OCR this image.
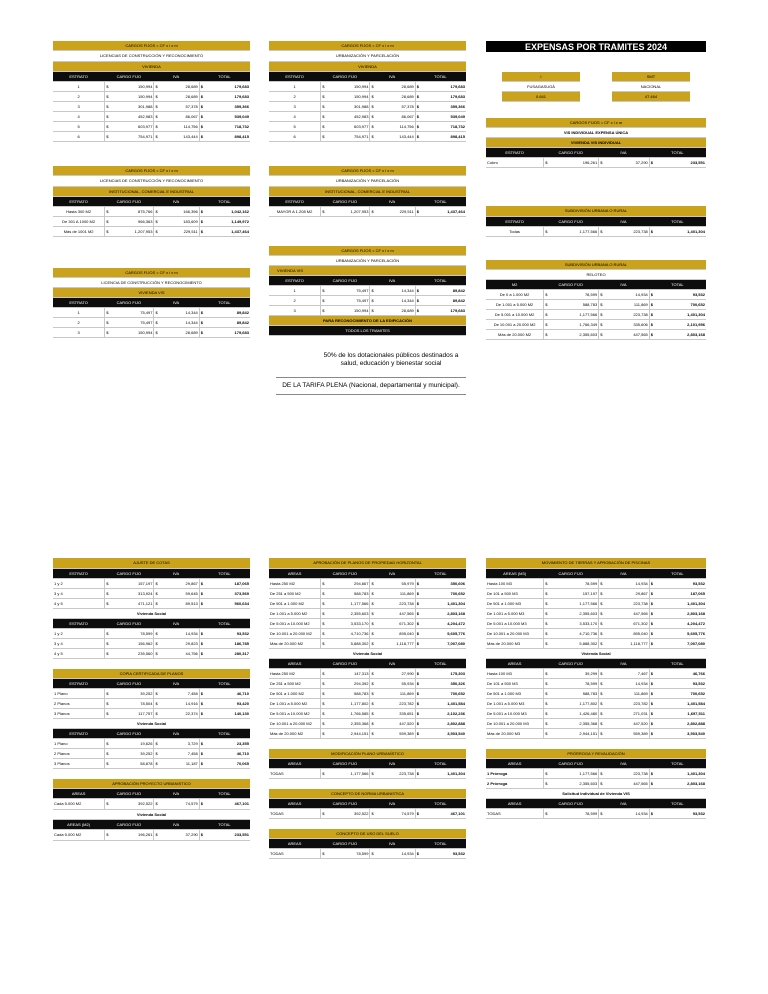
EXPENSAS POR TRAMITES 2024
CARGOS FIJOS = CF x i x m
LICENCIAS DE CONSTRUCCIÓN Y RECONOCIMIENTO
VIVIENDA
ESTRATO	CARGO FIJO	IVA	TOTAL
1	$	150,994 $	28,689 $	179,683
2	$	150,994 $	28,689 $	179,683
3	$	301,988 $	57,378 $	359,366
4	$	452,983 $	86,067 $	539,049
5	$	603,977 $	114,756 $	718,732
6	$	754,971 $	143,444 $	898,415
CARGOS FIJOS = CF x i x m
URBANIZACIÓN Y PARCELACIÓN
VIVIENDA
ESTRATO	CARGO FIJO	IVA	TOTAL
1	$	150,994 $	28,689 $	179,683
2	$	150,994 $	28,689 $	179,683
3	$	301,988 $	57,378 $	359,366
4	$	452,983 $	86,067 $	539,049
5	$	603,977 $	114,756 $	718,732
6	$	754,971 $	143,444 $	898,415
CARGOS FIJOS = CF x i x m
LICENCIAS DE CONSTRUCCIÓN Y RECONOCIMIENTO
INSTITUCIONAL, COMERCIAL E INDUSTRIAL
ESTRATO	CARGO FIJO	IVA	TOTAL
Hasta 300 M2	$	875,766 $	166,396 $	1,042,162
De 301 A 1000 M2	$	966,363 $	183,609 $	1,149,972
Más de 1001 M2	$	1,207,953 $	229,511 $	1,437,464
CARGOS FIJOS = CF x i x m
URBANIZACIÓN Y PARCELACIÓN
INSTITUCIONAL, COMERCIAL E INDUSTRIAL
ESTRATO	CARGO FIJO	IVA	TOTAL
MAYOR A 1.208 M2	$	1,207,953 $	229,511 $	1,437,464
CARGOS FIJOS = CF x i x m
LICENCIA DE CONSTRUCCIÓN Y RECONOCIMIENTO
VIVIENDA VIS
ESTRATO	CARGO FIJO	IVA	TOTAL
1	$	75,497 $	14,344 $	89,842
2	$	75,497 $	14,344 $	89,842
3	$	150,994 $	28,689 $	179,683
CARGOS FIJOS = CF x i x m
URBANIZACIÓN Y PARCELACIÓN
VIVIENDA VIS
ESTRATO	CARGO FIJO	IVA	TOTAL
1	$	75,497 $	14,344 $	89,842
2	$	75,497 $	14,344 $	89,842
3	$	150,994 $	28,689 $	179,683
PARA RECONOCIMIENTO DE LA EDIFICACIÓN
TODOS LOS TRAMITES
SUBDIVISIÓN URBANA O RURAL
ESTRATO	CARGO FIJO	IVA	TOTAL
Todas	$	1,177,566 $	223,738 $	1,401,304
SUBDIVISIÓN URBANA O RURAL
RELOTEO
M2	CARGO FIJO	IVA	TOTAL
De 0 a 1.000 M2	$	78,599 $	14,934 $	93,532
De 1.001 a 5.000 M2	$	588,783 $	111,869 $	700,652
De 5.001 a 10.000 M2	$	1,177,566 $	223,738 $	1,401,304
De 10.001 a 20.000 M2	$	1,766,349 $	335,606 $	2,101,956
Más de 20.000 M2	$	2,355,603 $	447,565 $	2,803,168
AJUSTE DE COTAS
ESTRATO	CARGO FIJO	IVA	TOTAL
1 y 2	$	157,197 $	29,867 $	187,065
3 y 4	$	313,924 $	59,645 $	373,569
4 y 5	$	471,121 $	89,513 $	560,634
Vivienda Social
ESTRATO	CARGO FIJO	IVA	TOTAL
1 y 2	$	78,599 $	14,934 $	93,532
3 y 4	$	156,962 $	29,823 $	186,785
4 y 5	$	235,560 $	44,756 $	280,317
COPIA CERTIFICADA DE PLANOS
ESTRATO	CARGO FIJO	IVA	TOTAL
1 Plano	$	39,252 $	7,458 $	46,710
2 Planos	$	78,504 $	14,916 $	93,420
3 Planos	$	117,757 $	22,374 $	140,130
Vivienda Social
ESTRATO	CARGO FIJO	IVA	TOTAL
1 Plano	$	19,626 $	3,729 $	23,355
2 Planos	$	39,252 $	7,458 $	46,710
3 Planos	$	58,878 $	11,187 $	70,065
APROBACIÓN PROYECTO URBANISTICO
AREAS	CARGO FIJO	IVA	TOTAL
Cada 5.000 M2	$	392,522 $	74,579 $	467,101
Vivienda Social
AREAS (M2)	CARGO FIJO	IVA	TOTAL
Cada 5.000 M2	$	196,261 $	37,290 $	233,551
APROBACIÓN DE PLANOS DE PROPIEDAD HORIZONTAL
AREAS	CARGO FIJO	IVA	TOTAL
Hasta 250 M2	$	294,667 $	55,979 $	350,606
De 251 a 500 M2	$	588,783 $	111,869 $	700,652
De 501 a 1.000 M2	$	1,177,566 $	223,738 $	1,401,304
De 1.001 a 5.000 M2	$	2,355,603 $	447,565 $	2,803,168
De 5.001 a 10.000 M2	$	3,533,170 $	671,302 $	4,204,472
De 10.001 a 20.000 M2	$	4,710,736 $	895,040 $	5,605,776
Más de 20.000 M2	$	5,888,302 $	1,118,777 $	7,007,080
Vivienda Social
AREAS	CARGO FIJO	IVA	TOTAL
Hasta 250 M2	$	147,313 $	27,990 $	175,303
De 251 a 500 M2	$	294,392 $	55,934 $	350,326
De 501 a 1.000 M2	$	588,783 $	111,869 $	700,652
De 1.001 a 5.000 M2	$	1,177,802 $	223,782 $	1,401,584
De 5.001 a 10.000 M2	$	1,766,585 $	335,651 $	2,102,236
De 10.001 a 20.000 M2	$	2,355,368 $	447,520 $	2,802,888
Más de 20.000 M2	$	2,944,151 $	559,389 $	3,503,540
MODIFICACIÓN PLANO URBANÍSTICO
AREAS	CARGO FIJO	IVA	TOTAL
TODAS	$	1,177,566 $	223,738 $	1,401,304
CONCEPTO DE NORMA URBANISTICA
AREAS	CARGO FIJO	IVA	TOTAL
TODAS	$	392,522 $	74,579 $	467,101
CONCEPTO DE USO DEL SUELO
AREAS	CARGO FIJO	IVA	TOTAL
TODAS	$	78,599 $	14,934 $	93,532
MOVIMIENTO DE TIERRAS Y APROBACIÓN DE PISCINAS
AREAS (M3)	CARGO FIJO	IVA	TOTAL
Hasta 100 M3	$	78,599 $	14,934 $	93,532
De 101 a 500 M3	$	157,197 $	29,867 $	187,065
De 501 a 1.000 M3	$	1,177,566 $	223,738 $	1,401,304
De 1.001 a 5.000 M3	$	2,355,603 $	447,565 $	2,803,168
De 5.001 a 10.000 M3	$	3,533,170 $	671,302 $	4,204,472
De 10.001 a 20.000 M3	$	4,710,736 $	895,040 $	5,605,776
Más de 20.000 M3	$	5,888,302 $	1,118,777 $	7,007,080
Vivienda Social
AREAS	CARGO FIJO	IVA	TOTAL
Hasta 100 M3	$	39,299 $	7,467 $	46,766
De 101 a 500 M3	$	78,599 $	14,934 $	93,532
De 501 a 1.000 M3	$	588,783 $	111,869 $	700,652
De 1.001 a 5.000 M3	$	1,177,802 $	223,782 $	1,401,584
De 5.001 a 10.000 M3	$	1,426,480 $	271,031 $	1,697,511
De 10.001 a 20.000 M3	$	2,355,368 $	447,520 $	2,802,888
Más de 20.000 M3	$	2,944,151 $	559,389 $	3,503,540
PRÓRROGA Y REVALIDACIÓN
AREAS	CARGO FIJO	IVA	TOTAL
1 Prórroga	$	1,177,566 $	223,738 $	1,401,304
2 Prórroga	$	2,355,603 $	447,565 $	2,803,168
Solicitud Individual de Vivienda VIS
AREAS	CARGO FIJO	IVA	TOTAL
TODAS	$	78,599 $	14,934 $	93,532
i
FUSAGASUGÁ
0.641
SMT
NACIONAL
47.464
CARGOS FIJOS = CF x i x m
VIS INDIVIDUAL EXPENSA ÚNICA
VIVIENDA VIS INDIVIDUAL
ESTRATO	CARGO FIJO	IVA	TOTAL
Cobro	$	196,261 $	37,290 $	233,551
50% de los dotacionales públicos destinados a salud, educación y bienestar social
DE LA TARIFA PLENA (Nacional, departamental y municipal).
